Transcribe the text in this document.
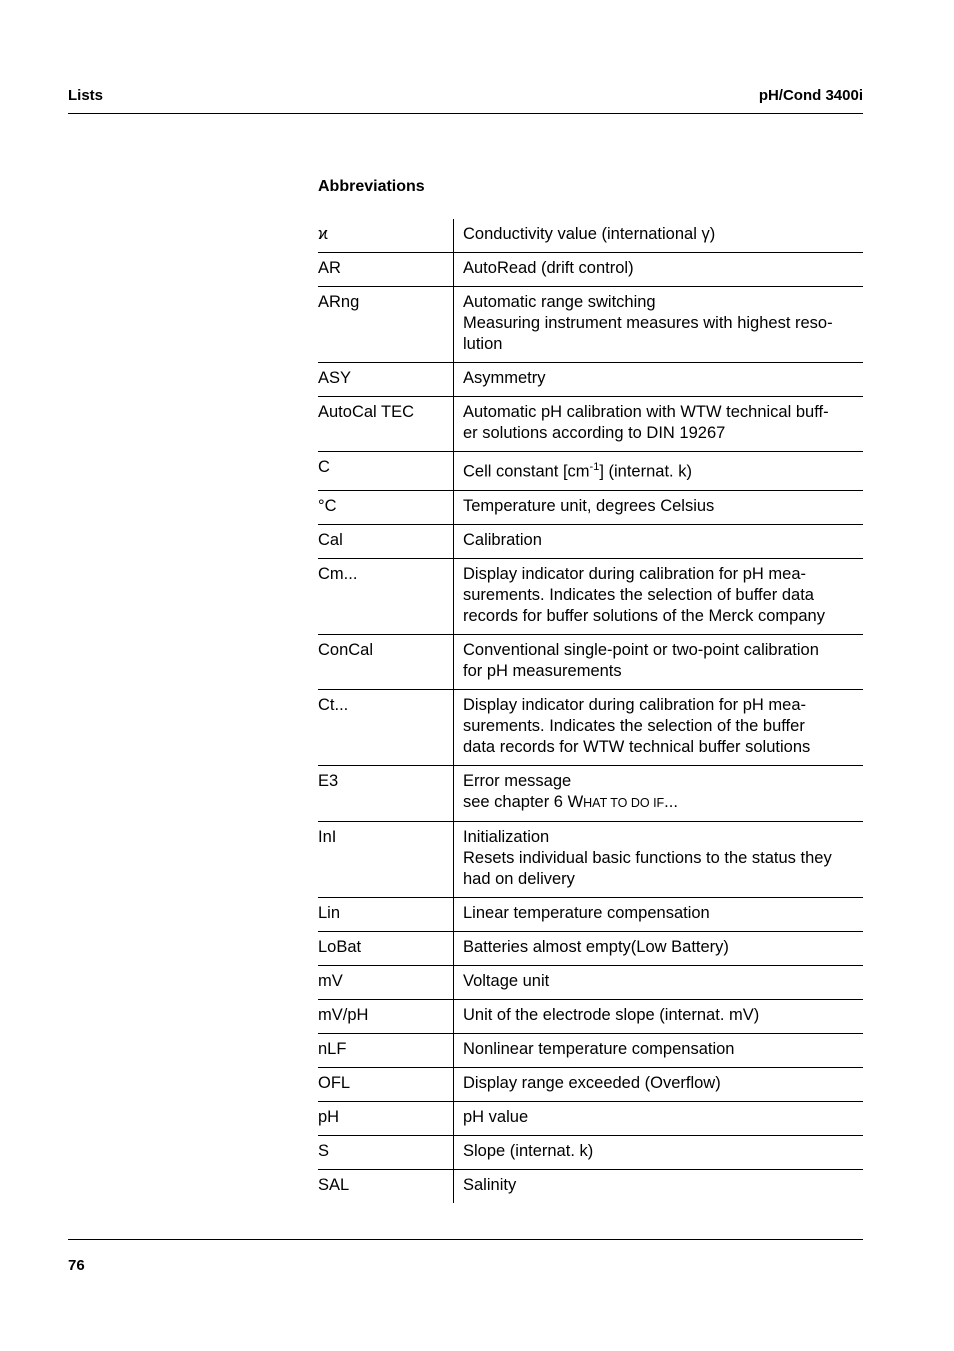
Lists	pH/Cond 3400i
Abbreviations
ϰ	Conductivity value (international γ)
AR	AutoRead (drift control)
ARng	Automatic range switching
Measuring instrument measures with highest reso-
lution
ASY	Asymmetry
AutoCal TEC	Automatic pH calibration with WTW technical buff-
er solutions according to DIN 19267
C	Cell constant $[cm^{-1}]$ (internat. k)
°C	Temperature unit, degrees Celsius
Cal	Calibration
Cm...	Display indicator during calibration for pH mea-
surements. Indicates the selection of buffer data
records for buffer solutions of the Merck company
ConCal	Conventional single-point or two-point calibration
for pH measurements
Ct...	Display indicator during calibration for pH mea-
surements. Indicates the selection of the buffer
data records for WTW technical buffer solutions
E3	Error message
see chapter 6 WHAT TO DO IF...
InI	Initialization
Resets individual basic functions to the status they
had on delivery
Lin	Linear temperature compensation
LoBat	Batteries almost empty(Low Battery)
mV	Voltage unit
mV/pH	Unit of the electrode slope (internat. mV)
nLF	Nonlinear temperature compensation
OFL	Display range exceeded (Overflow)
pH	pH value
S	Slope (internat. k)
SAL	Salinity
76
